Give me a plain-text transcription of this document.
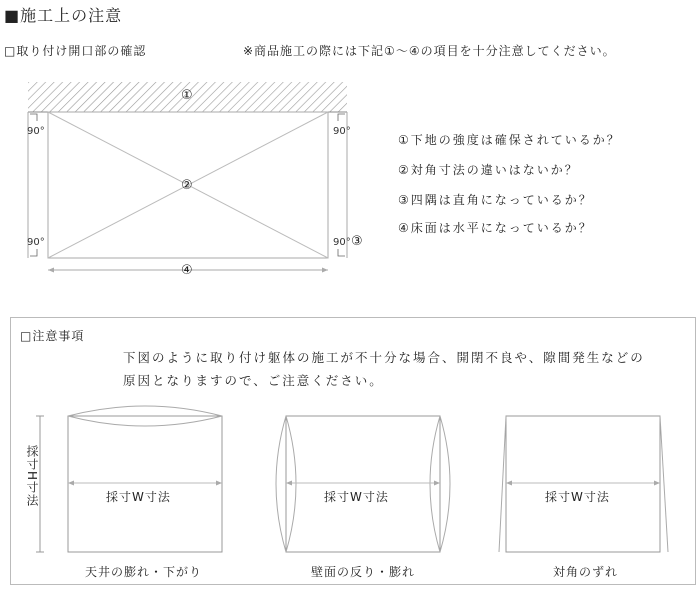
■施工上の注意
□取り付け開口部の確認	※商品施工の際には下記①～④の項目を十分注意してください。
①
②
③
④
90°	90°
90°	90°
①下地の強度は確保されているか？
②対角寸法の違いはないか？
③四隅は直角になっているか？
④床面は水平になっているか？
□注意事項
下図のように取り付け躯体の施工が不十分な場合、開閉不良や、隙間発生などの
原因となりますので、ご注意ください。
採寸H寸法	採寸W寸法	採寸W寸法	採寸W寸法
天井の膨れ・下がり	壁面の反り・膨れ	対角のずれ
